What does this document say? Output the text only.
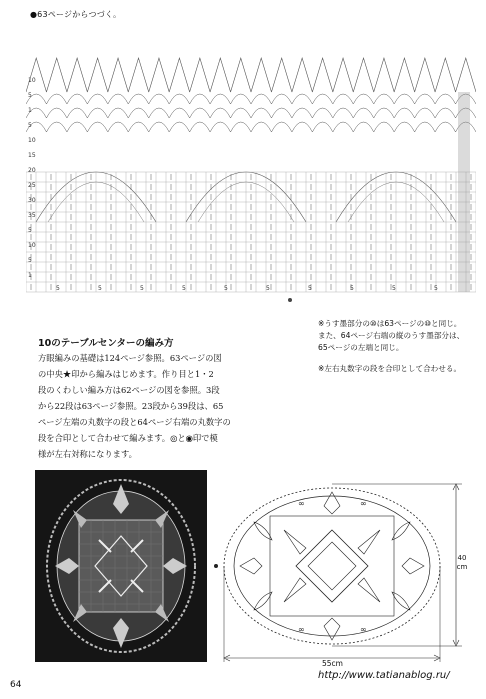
●63ページからつづく。
10
5
1
5
10
15
20
25
30
35
5
10
5
1
5	5	5	5	5	5	5	5	5	5
10のテーブルセンターの編み方
方眼編みの基礎は124ページ参照。63ページの図
の中央★印から編みはじめます。作り目と1・2
段のくわしい編み方は62ページの図を参照。3段
から22段は63ページ参照。23段から39段は、65
ページ左端の丸数字の段と64ページ右端の丸数字の
段を合印として合わせて編みます。◎と◉印で模
様が左右対称になります。
※うす墨部分の⑩は63ページの⑩と同じ。
また、64ページ右端の縦のうす墨部分は、
65ページの左端と同じ。
※左右丸数字の段を合印として合わせる。
∞	∞
∞	∞
40
cm
55cm
64
http://www.tatianablog.ru/
